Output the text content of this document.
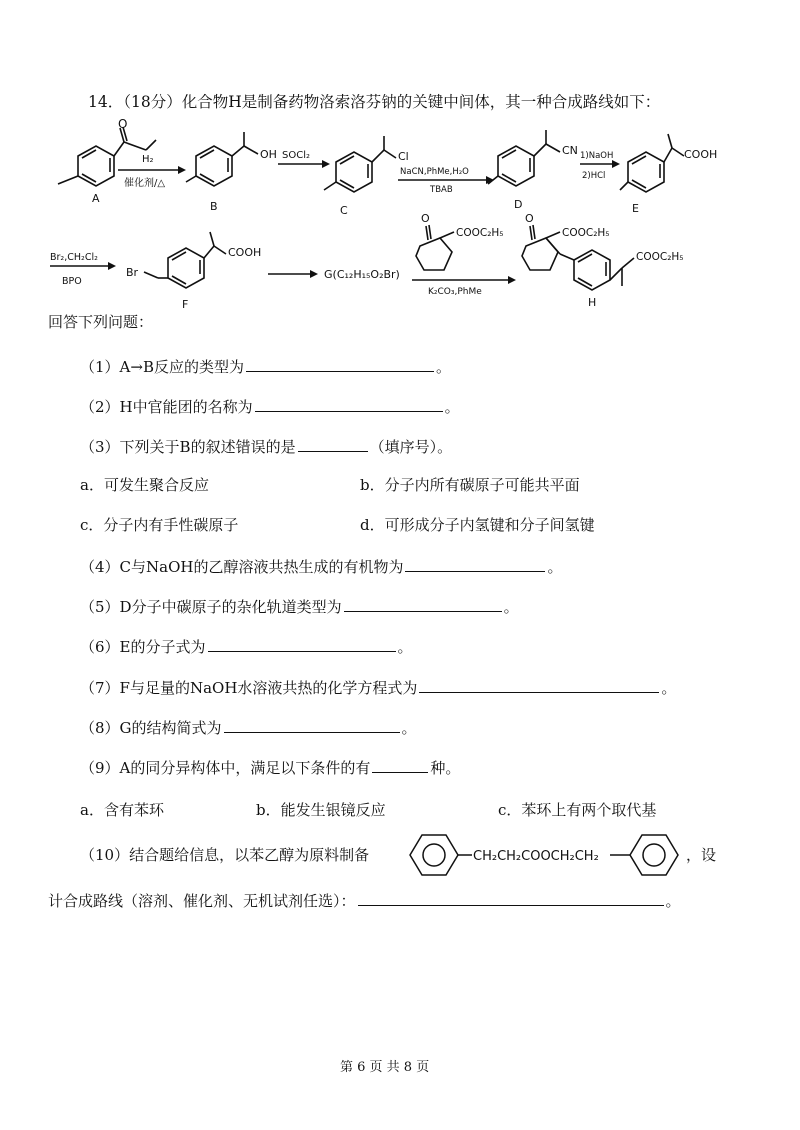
14．（18分）化合物H是制备药物洛索洛芬钠的关键中间体，其一种合成路线如下：
O
A
H₂
催化剂/△
OH
B
SOCl₂	Cl
C
NaCN,PhMe,H₂O
TBAB
CN
D
1)NaOH
2)HCl
COOH
E
Br₂,CH₂Cl₂
BPO
Br
COOH
F
G(C₁₂H₁₅O₂Br)
O
COOC₂H₅
K₂CO₃,PhMe
O
COOC₂H₅
COOC₂H₅
H
回答下列问题：
（1）A→B反应的类型为	。
（2）H中官能团的名称为	。
（3）下列关于B的叙述错误的是	（填序号）。
a．可发生聚合反应	b．分子内所有碳原子可能共平面
c．分子内有手性碳原子	d．可形成分子内氢键和分子间氢键
（4）C与NaOH的乙醇溶液共热生成的有机物为	。
（5）D分子中碳原子的杂化轨道类型为	。
（6）E的分子式为	。
（7）F与足量的NaOH水溶液共热的化学方程式为	。
（8）G的结构简式为	。
（9）A的同分异构体中，满足以下条件的有	种。
a．含有苯环	b．能发生银镜反应	c．苯环上有两个取代基
（10）结合题给信息，以苯乙醇为原料制备	CH₂CH₂COOCH₂CH₂	，设
计合成路线（溶剂、催化剂、无机试剂任选）：	。
第 6 页 共 8 页
